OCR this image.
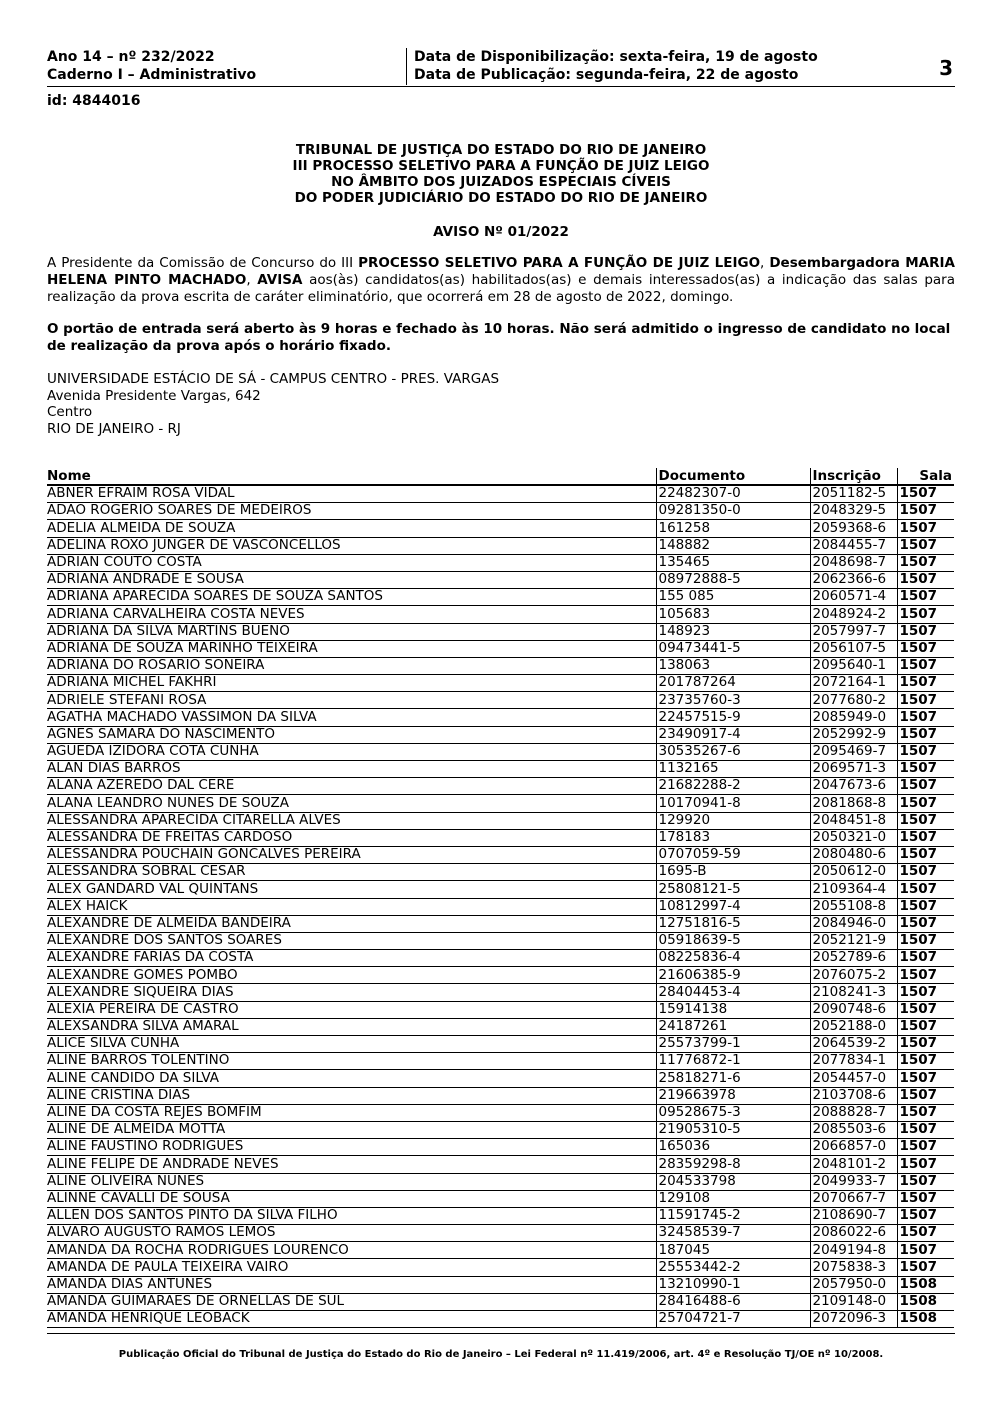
Ano 14 – nº 232/2022
Caderno I – Administrativo
Data de Disponibilização: sexta-feira, 19 de agosto
Data de Publicação: segunda-feira, 22 de agosto	3
id: 4844016
TRIBUNAL DE JUSTIÇA DO ESTADO DO RIO DE JANEIRO
III PROCESSO SELETIVO PARA A FUNÇÃO DE JUIZ LEIGO
NO ÂMBITO DOS JUIZADOS ESPECIAIS CÍVEIS
DO PODER JUDICIÁRIO DO ESTADO DO RIO DE JANEIRO
AVISO Nº 01/2022
A Presidente da Comissão de Concurso do III PROCESSO SELETIVO PARA A FUNÇÃO DE JUIZ LEIGO, Desembargadora MARIA HELENA PINTO MACHADO, AVISA aos(às) candidatos(as) habilitados(as) e demais interessados(as) a indicação das salas para realização da prova escrita de caráter eliminatório, que ocorrerá em 28 de agosto de 2022, domingo.
O portão de entrada será aberto às 9 horas e fechado às 10 horas. Não será admitido o ingresso de candidato no local de realização da prova após o horário fixado.
UNIVERSIDADE ESTÁCIO DE SÁ - CAMPUS CENTRO - PRES. VARGAS
Avenida Presidente Vargas, 642
Centro
RIO DE JANEIRO - RJ
Nome	Documento	Inscrição	Sala
ABNER EFRAIM ROSA VIDAL	22482307-0	2051182-5	1507
ADAO ROGERIO SOARES DE MEDEIROS	09281350-0	2048329-5	1507
ADELIA ALMEIDA DE SOUZA	161258	2059368-6	1507
ADELINA ROXO JUNGER DE VASCONCELLOS	148882	2084455-7	1507
ADRIAN COUTO COSTA	135465	2048698-7	1507
ADRIANA ANDRADE E SOUSA	08972888-5	2062366-6	1507
ADRIANA APARECIDA SOARES DE SOUZA SANTOS	155 085	2060571-4	1507
ADRIANA CARVALHEIRA COSTA NEVES	105683	2048924-2	1507
ADRIANA DA SILVA MARTINS BUENO	148923	2057997-7	1507
ADRIANA DE SOUZA MARINHO TEIXEIRA	09473441-5	2056107-5	1507
ADRIANA DO ROSARIO SONEIRA	138063	2095640-1	1507
ADRIANA MICHEL FAKHRI	201787264	2072164-1	1507
ADRIELE STEFANI ROSA	23735760-3	2077680-2	1507
AGATHA MACHADO VASSIMON DA SILVA	22457515-9	2085949-0	1507
AGNES SAMARA DO NASCIMENTO	23490917-4	2052992-9	1507
AGUEDA IZIDORA COTA CUNHA	30535267-6	2095469-7	1507
ALAN DIAS BARROS	1132165	2069571-3	1507
ALANA AZEREDO DAL CERE	21682288-2	2047673-6	1507
ALANA LEANDRO NUNES DE SOUZA	10170941-8	2081868-8	1507
ALESSANDRA APARECIDA CITARELLA ALVES	129920	2048451-8	1507
ALESSANDRA DE FREITAS CARDOSO	178183	2050321-0	1507
ALESSANDRA POUCHAIN GONCALVES PEREIRA	0707059-59	2080480-6	1507
ALESSANDRA SOBRAL CESAR	1695-B	2050612-0	1507
ALEX GANDARD VAL QUINTANS	25808121-5	2109364-4	1507
ALEX HAICK	10812997-4	2055108-8	1507
ALEXANDRE DE ALMEIDA BANDEIRA	12751816-5	2084946-0	1507
ALEXANDRE DOS SANTOS SOARES	05918639-5	2052121-9	1507
ALEXANDRE FARIAS DA COSTA	08225836-4	2052789-6	1507
ALEXANDRE GOMES POMBO	21606385-9	2076075-2	1507
ALEXANDRE SIQUEIRA DIAS	28404453-4	2108241-3	1507
ALEXIA PEREIRA DE CASTRO	15914138	2090748-6	1507
ALEXSANDRA SILVA AMARAL	24187261	2052188-0	1507
ALICE SILVA CUNHA	25573799-1	2064539-2	1507
ALINE BARROS TOLENTINO	11776872-1	2077834-1	1507
ALINE CANDIDO DA SILVA	25818271-6	2054457-0	1507
ALINE CRISTINA DIAS	219663978	2103708-6	1507
ALINE DA COSTA REJES BOMFIM	09528675-3	2088828-7	1507
ALINE DE ALMEIDA MOTTA	21905310-5	2085503-6	1507
ALINE FAUSTINO RODRIGUES	165036	2066857-0	1507
ALINE FELIPE DE ANDRADE NEVES	28359298-8	2048101-2	1507
ALINE OLIVEIRA NUNES	204533798	2049933-7	1507
ALINNE CAVALLI DE SOUSA	129108	2070667-7	1507
ALLEN DOS SANTOS PINTO DA SILVA FILHO	11591745-2	2108690-7	1507
ALVARO AUGUSTO RAMOS LEMOS	32458539-7	2086022-6	1507
AMANDA DA ROCHA RODRIGUES LOURENCO	187045	2049194-8	1507
AMANDA DE PAULA TEIXEIRA VAIRO	25553442-2	2075838-3	1507
AMANDA DIAS ANTUNES	13210990-1	2057950-0	1508
AMANDA GUIMARAES DE ORNELLAS DE SUL	28416488-6	2109148-0	1508
AMANDA HENRIQUE LEOBACK	25704721-7	2072096-3	1508
Publicação Oficial do Tribunal de Justiça do Estado do Rio de Janeiro – Lei Federal nº 11.419/2006, art. 4º e Resolução TJ/OE nº 10/2008.
